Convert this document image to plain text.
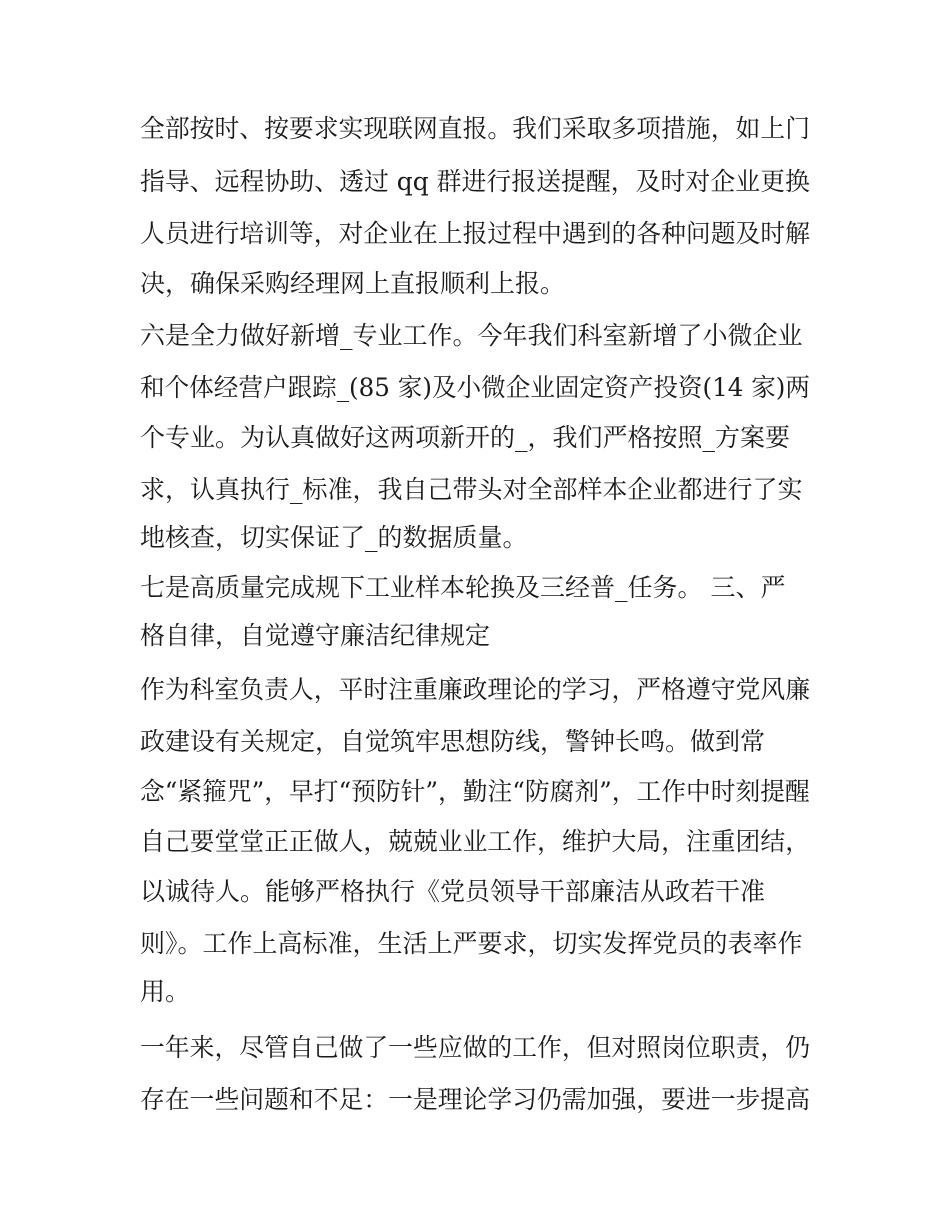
全部按时、按要求实现联网直报。我们采取多项措施，如上门
指导、远程协助、透过 qq 群进行报送提醒，及时对企业更换
人员进行培训等，对企业在上报过程中遇到的各种问题及时解
决，确保采购经理网上直报顺利上报。
六是全力做好新增_专业工作。今年我们科室新增了小微企业
和个体经营户跟踪_(85 家)及小微企业固定资产投资(14 家)两
个专业。为认真做好这两项新开的_，我们严格按照_方案要
求，认真执行_标准，我自己带头对全部样本企业都进行了实
地核查，切实保证了_的数据质量。
七是高质量完成规下工业样本轮换及三经普_任务。 三、严
格自律，自觉遵守廉洁纪律规定
作为科室负责人，平时注重廉政理论的学习，严格遵守党风廉
政建设有关规定，自觉筑牢思想防线，警钟长鸣。做到常
念“紧箍咒”，早打“预防针”，勤注“防腐剂”，工作中时刻提醒
自己要堂堂正正做人，兢兢业业工作，维护大局，注重团结，
以诚待人。能够严格执行《党员领导干部廉洁从政若干准
则》。工作上高标准，生活上严要求，切实发挥党员的表率作
用。
一年来，尽管自己做了一些应做的工作，但对照岗位职责，仍
存在一些问题和不足：一是理论学习仍需加强，要进一步提高
